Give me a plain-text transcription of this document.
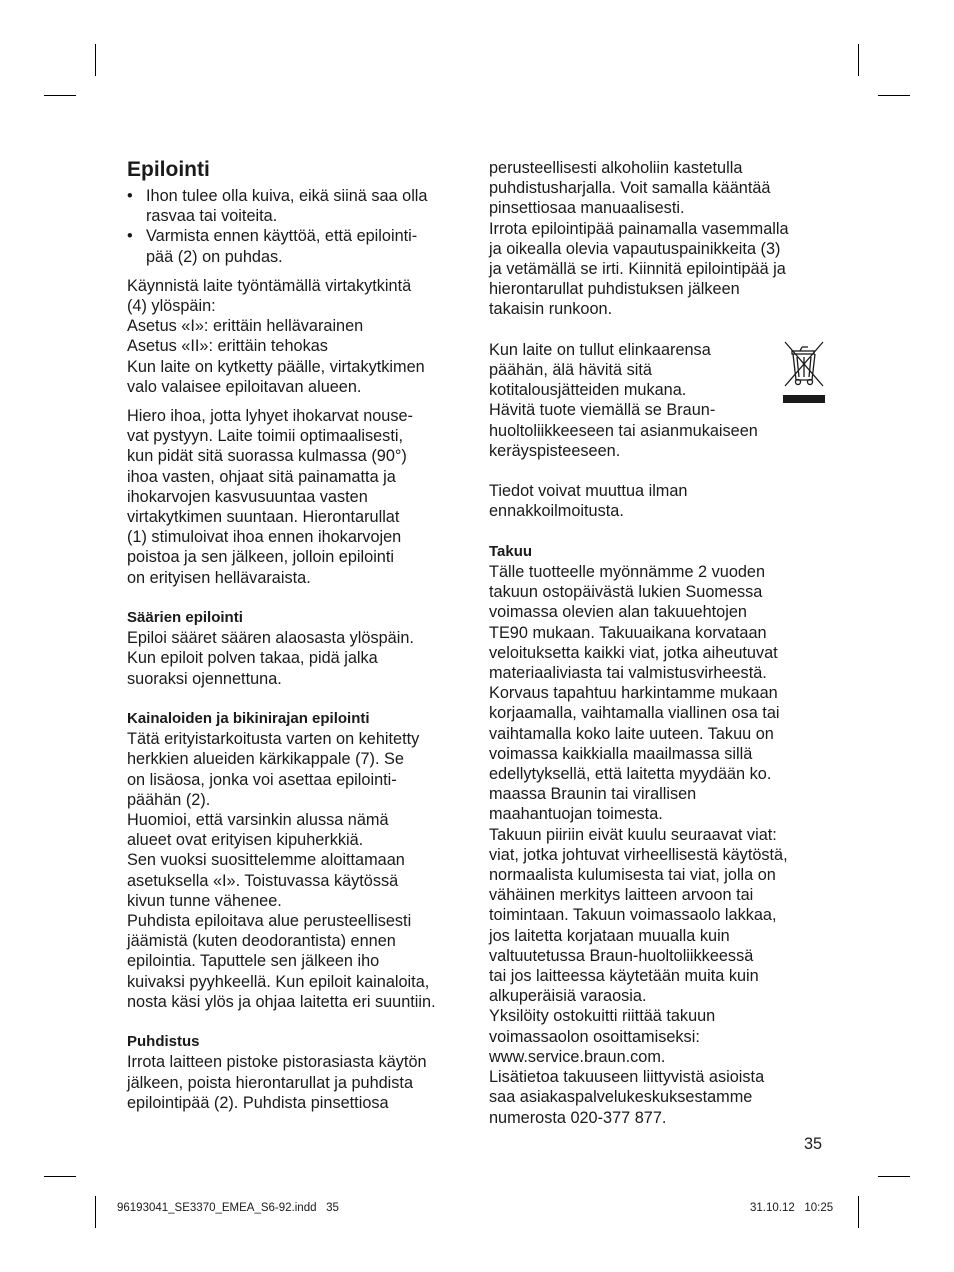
Epilointi
• Ihon tulee olla kuiva, eikä siinä saa olla
rasvaa tai voiteita.
• Varmista ennen käyttöä, että epilointi-
pää (2) on puhdas.
Käynnistä laite työntämällä virtakytkintä
(4) ylöspäin:
Asetus «I»: erittäin hellävarainen
Asetus «II»: erittäin tehokas
Kun laite on kytketty päälle, virtakytkimen
valo valaisee epiloitavan alueen.
Hiero ihoa, jotta lyhyet ihokarvat nouse-
vat pystyyn. Laite toimii optimaalisesti,
kun pidät sitä suorassa kulmassa (90°)
ihoa vasten, ohjaat sitä painamatta ja
ihokarvojen kasvusuuntaa vasten
virtakytkimen suuntaan. Hierontarullat
(1) stimuloivat ihoa ennen ihokarvojen
poistoa ja sen jälkeen, jolloin epilointi
on erityisen hellävaraista.
Säärien epilointi
Epiloi sääret säären alaosasta ylöspäin.
Kun epiloit polven takaa, pidä jalka
suoraksi ojennettuna.
Kainaloiden ja bikinirajan epilointi
Tätä erityistarkoitusta varten on kehitetty
herkkien alueiden kärkikappale (7). Se
on lisäosa, jonka voi asettaa epilointi-
päähän (2).
Huomioi, että varsinkin alussa nämä
alueet ovat erityisen kipuherkkiä.
Sen vuoksi suosittelemme aloittamaan
asetuksella «I». Toistuvassa käytössä
kivun tunne vähenee.
Puhdista epiloitava alue perusteellisesti
jäämistä (kuten deodorantista) ennen
epilointia. Taputtele sen jälkeen iho
kuivaksi pyyhkeellä. Kun epiloit kainaloita,
nosta käsi ylös ja ohjaa laitetta eri suuntiin.
Puhdistus
Irrota laitteen pistoke pistorasiasta käytön
jälkeen, poista hierontarullat ja puhdista
epilointipää (2). Puhdista pinsettiosa
perusteellisesti alkoholiin kastetulla
puhdistusharjalla. Voit samalla kääntää
pinsettiosaa manuaalisesti.
Irrota epilointipää painamalla vasemmalla
ja oikealla olevia vapautuspainikkeita (3)
ja vetämällä se irti. Kiinnitä epilointipää ja
hierontarullat puhdistuksen jälkeen
takaisin runkoon.
Kun laite on tullut elinkaarensa
päähän, älä hävitä sitä
kotitalousjätteiden mukana.
Hävitä tuote viemällä se Braun-
huoltoliikkeeseen tai asianmukaiseen
keräyspisteeseen.
Tiedot voivat muuttua ilman
ennakkoilmoitusta.
Takuu
Tälle tuotteelle myönnämme 2 vuoden
takuun ostopäivästä lukien Suomessa
voimassa olevien alan takuuehtojen
TE90 mukaan. Takuuaikana korvataan
veloituksetta kaikki viat, jotka aiheutuvat
materiaaliviasta tai valmistusvirheestä.
Korvaus tapahtuu harkintamme mukaan
korjaamalla, vaihtamalla viallinen osa tai
vaihtamalla koko laite uuteen. Takuu on
voimassa kaikkialla maailmassa sillä
edellytyksellä, että laitetta myydään ko.
maassa Braunin tai virallisen
maahantuojan toimesta.
Takuun piiriin eivät kuulu seuraavat viat:
viat, jotka johtuvat virheellisestä käytöstä,
normaalista kulumisesta tai viat, jolla on
vähäinen merkitys laitteen arvoon tai
toimintaan. Takuun voimassaolo lakkaa,
jos laitetta korjataan muualla kuin
valtuutetussa Braun-huoltoliikkeessä
tai jos laitteessa käytetään muita kuin
alkuperäisiä varaosia.
Yksilöity ostokuitti riittää takuun
voimassaolon osoittamiseksi:
www.service.braun.com.
Lisätietoa takuuseen liittyvistä asioista
saa asiakaspalvelukeskuksestamme
numerosta 020-377 877.
35
96193041_SE3370_EMEA_S6-92.indd   35	31.10.12   10:25
